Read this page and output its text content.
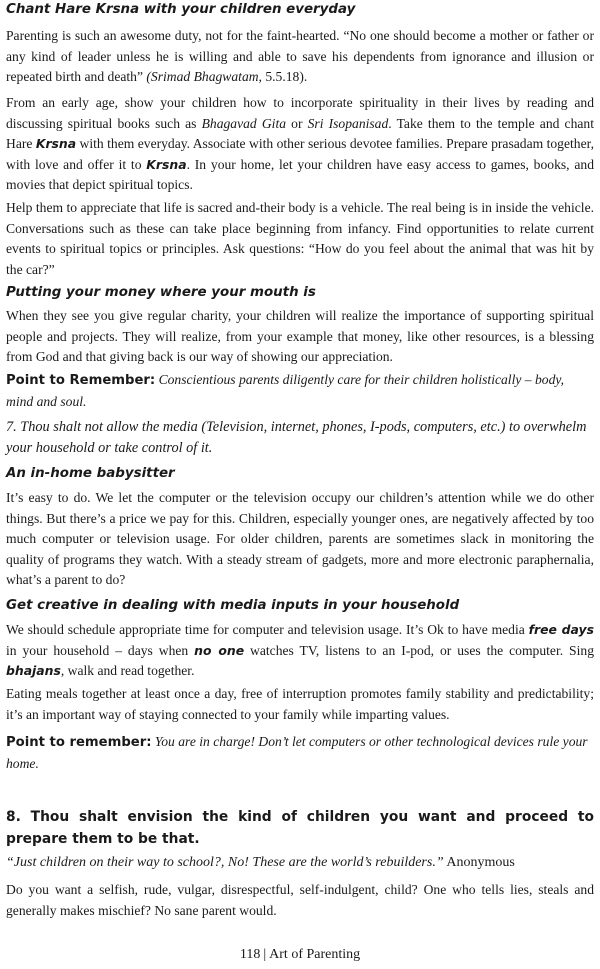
Chant Hare Krsna with your children everyday

Parenting is such an awesome duty, not for the faint-hearted. “No one should become a mother or father or any kind of leader unless he is willing and able to save his dependents from ignorance and illusion or repeated birth and death” (Srimad Bhagwatam, 5.5.18).

From an early age, show your children how to incorporate spirituality in their lives by reading and discussing spiritual books such as Bhagavad Gita or Sri Isopanisad. Take them to the temple and chant Hare Krsna with them everyday. Associate with other serious devotee families. Prepare prasadam together, with love and offer it to Krsna. In your home, let your children have easy access to games, books, and movies that depict spiritual topics.

Help them to appreciate that life is sacred and-their body is a vehicle. The real being is in inside the vehicle. Conversations such as these can take place beginning from infancy. Find opportunities to relate current events to spiritual topics or principles. Ask questions: “How do you feel about the animal that was hit by the car?”

Putting your money where your mouth is

When they see you give regular charity, your children will realize the importance of supporting spiritual people and projects. They will realize, from your example that money, like other resources, is a blessing from God and that giving back is our way of showing our appreciation.

Point to Remember: Conscientious parents diligently care for their children holistically – body, mind and soul.

7. Thou shalt not allow the media (Television, internet, phones, I-pods, computers, etc.) to overwhelm your household or take control of it.

An in-home babysitter

It’s easy to do. We let the computer or the television occupy our children’s attention while we do other things. But there’s a price we pay for this. Children, especially younger ones, are negatively affected by too much computer or television usage. For older children, parents are sometimes slack in monitoring the quality of programs they watch. With a steady stream of gadgets, more and more electronic paraphernalia, what’s a parent to do?

Get creative in dealing with media inputs in your household

We should schedule appropriate time for computer and television usage. It’s Ok to have media free days in your household – days when no one watches TV, listens to an I-pod, or uses the computer. Sing bhajans, walk and read together.

Eating meals together at least once a day, free of interruption promotes family stability and predictability; it’s an important way of staying connected to your family while imparting values.

Point to remember: You are in charge! Don’t let computers or other technological devices rule your home.

8. Thou shalt envision the kind of children you want and proceed to prepare them to be that.

“Just children on their way to school?, No! These are the world’s rebuilders.” Anonymous

Do you want a selfish, rude, vulgar, disrespectful, self-indulgent, child? One who tells lies, steals and generally makes mischief? No sane parent would.

118 | Art of Parenting
